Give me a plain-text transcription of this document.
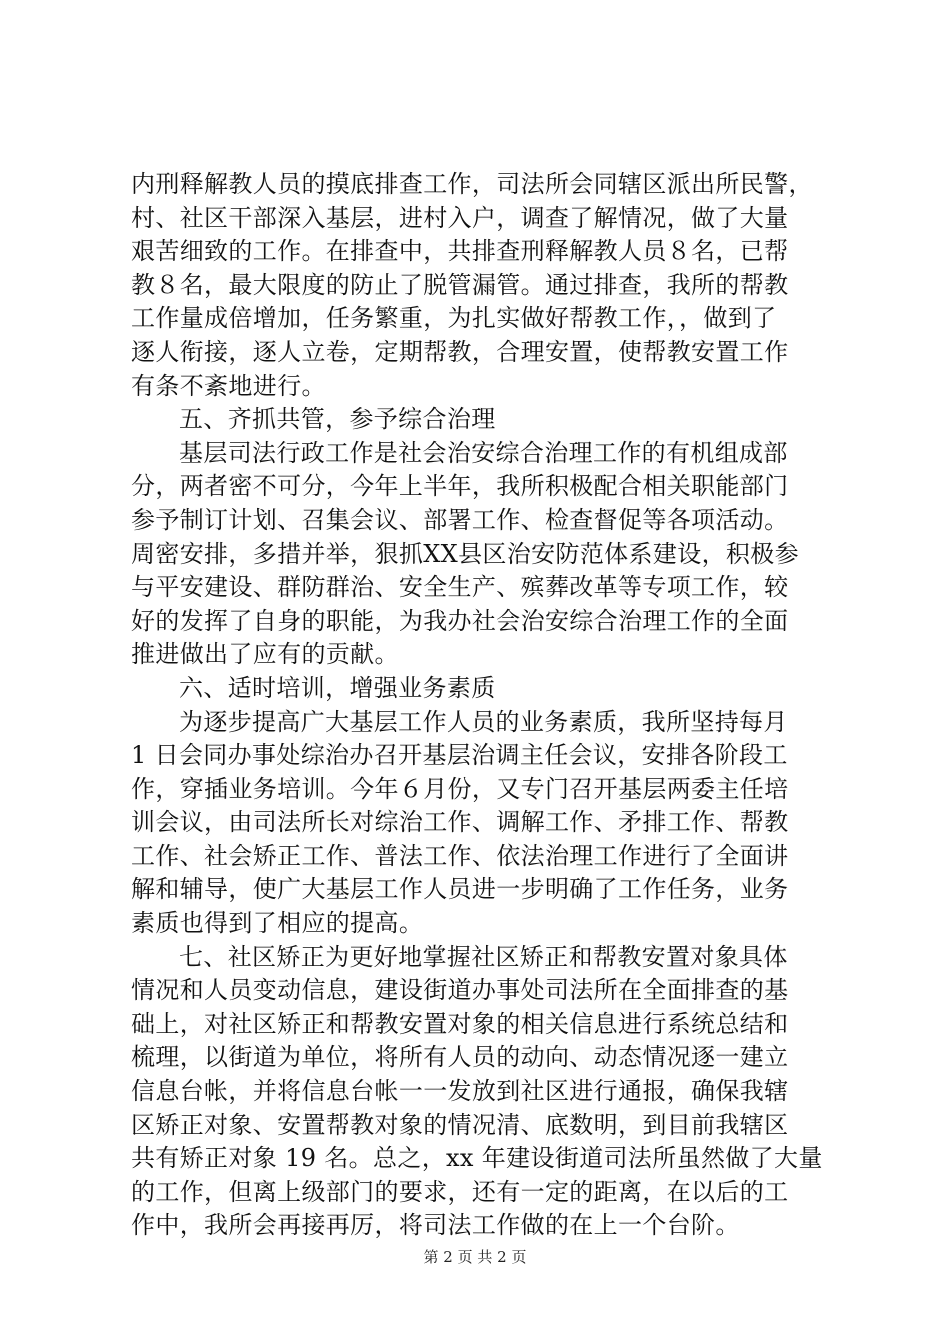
内刑释解教人员的摸底排查工作，司法所会同辖区派出所民警，
村、社区干部深入基层，进村入户，调查了解情况，做了大量
艰苦细致的工作。在排查中，共排查刑释解教人员８名，已帮
教８名，最大限度的防止了脱管漏管。通过排查，我所的帮教
工作量成倍增加，任务繁重，为扎实做好帮教工作，，做到了
逐人衔接，逐人立卷，定期帮教，合理安置，使帮教安置工作
有条不紊地进行。
五、齐抓共管，参予综合治理
基层司法行政工作是社会治安综合治理工作的有机组成部
分，两者密不可分，今年上半年，我所积极配合相关职能部门
参予制订计划、召集会议、部署工作、检查督促等各项活动。
周密安排，多措并举，狠抓XX县区治安防范体系建设，积极参
与平安建设、群防群治、安全生产、殡葬改革等专项工作，较
好的发挥了自身的职能，为我办社会治安综合治理工作的全面
推进做出了应有的贡献。
六、适时培训，增强业务素质
为逐步提高广大基层工作人员的业务素质，我所坚持每月
1 日会同办事处综治办召开基层治调主任会议，安排各阶段工
作，穿插业务培训。今年６月份，又专门召开基层两委主任培
训会议，由司法所长对综治工作、调解工作、矛排工作、帮教
工作、社会矫正工作、普法工作、依法治理工作进行了全面讲
解和辅导，使广大基层工作人员进一步明确了工作任务，业务
素质也得到了相应的提高。
七、社区矫正为更好地掌握社区矫正和帮教安置对象具体
情况和人员变动信息，建设街道办事处司法所在全面排查的基
础上，对社区矫正和帮教安置对象的相关信息进行系统总结和
梳理，以街道为单位，将所有人员的动向、动态情况逐一建立
信息台帐，并将信息台帐一一发放到社区进行通报，确保我辖
区矫正对象、安置帮教对象的情况清、底数明，到目前我辖区
共有矫正对象 19 名。总之，xx 年建设街道司法所虽然做了大量
的工作，但离上级部门的要求，还有一定的距离，在以后的工
作中，我所会再接再厉，将司法工作做的在上一个台阶。
第 2 页 共 2 页
